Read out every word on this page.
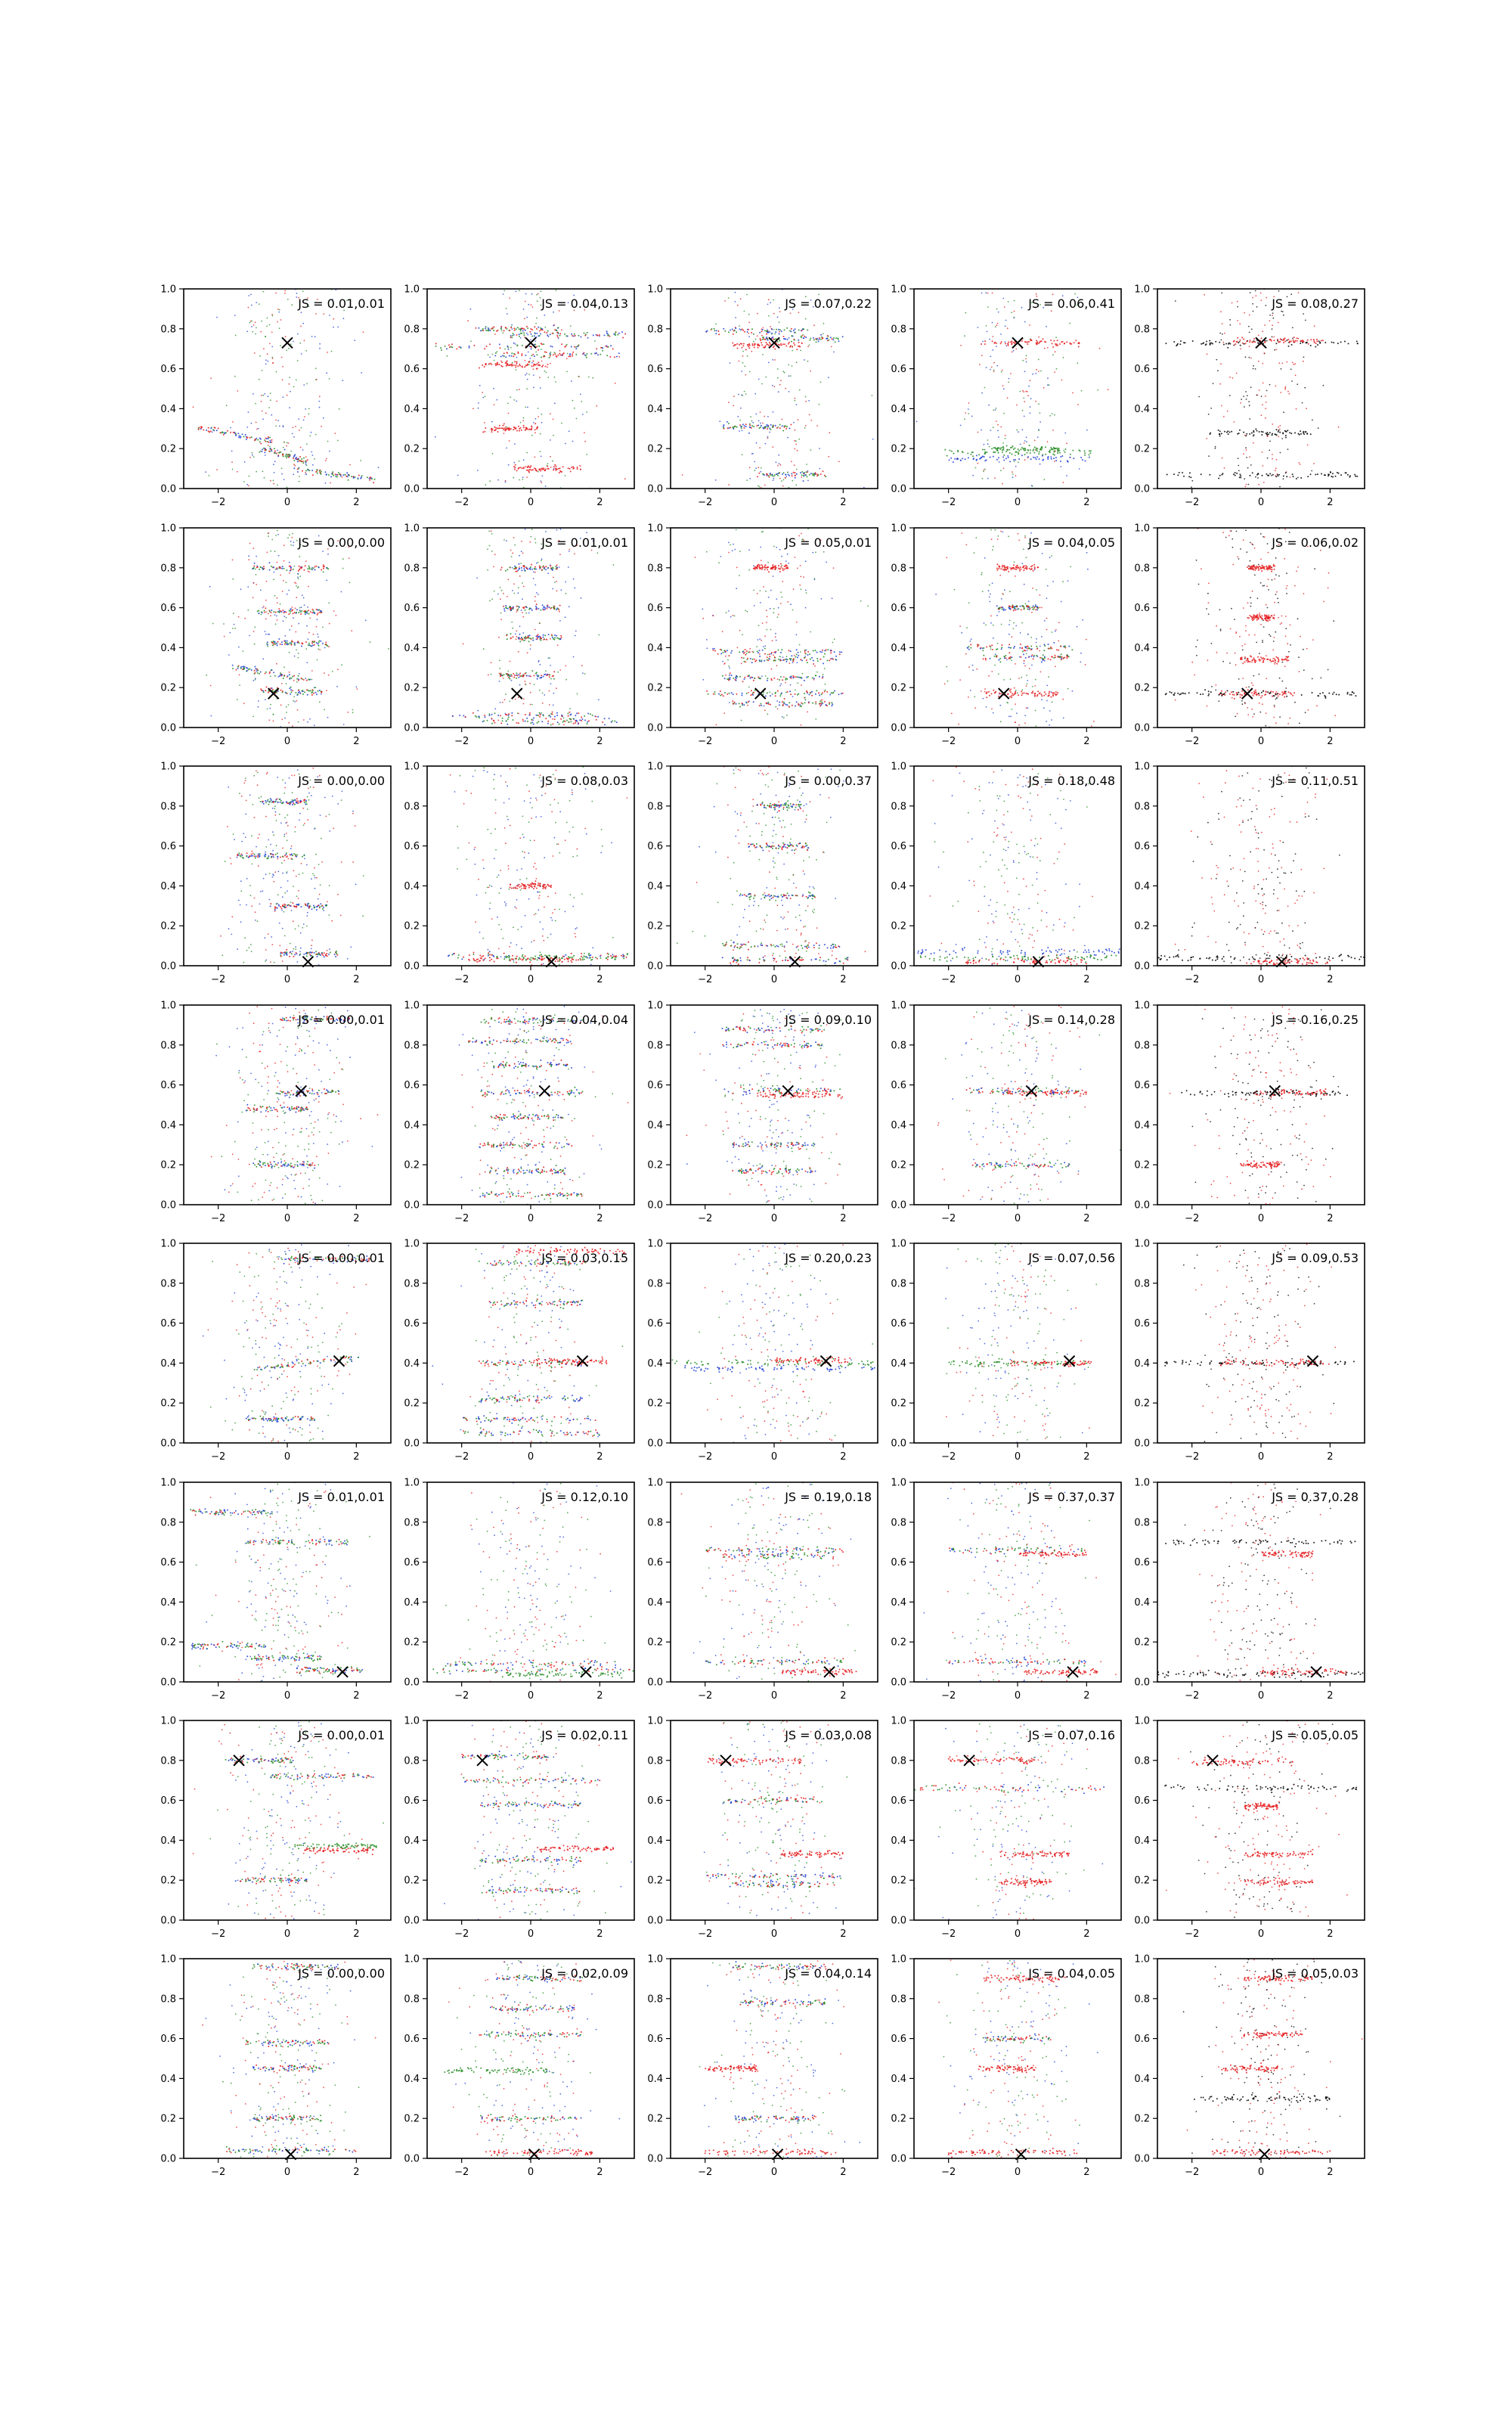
−2	0	2
0.0
0.2
0.4
0.6
0.8
1.0
JS = 0.01,0.01
−2	0	2
0.0
0.2
0.4
0.6
0.8
1.0
JS = 0.04,0.13
−2	0	2
0.0
0.2
0.4
0.6
0.8
1.0
JS = 0.07,0.22
−2	0	2
0.0
0.2
0.4
0.6
0.8
1.0
JS = 0.06,0.41
−2	0	2
0.0
0.2
0.4
0.6
0.8
1.0
JS = 0.08,0.27
−2	0	2
0.0
0.2
0.4
0.6
0.8
1.0
JS = 0.00,0.00
−2	0	2
0.0
0.2
0.4
0.6
0.8
1.0
JS = 0.01,0.01
−2	0	2
0.0
0.2
0.4
0.6
0.8
1.0
JS = 0.05,0.01
−2	0	2
0.0
0.2
0.4
0.6
0.8
1.0
JS = 0.04,0.05
−2	0	2
0.0
0.2
0.4
0.6
0.8
1.0
JS = 0.06,0.02
−2	0	2
0.0
0.2
0.4
0.6
0.8
1.0
JS = 0.00,0.00
−2	0	2
0.0
0.2
0.4
0.6
0.8
1.0
JS = 0.08,0.03
−2	0	2
0.0
0.2
0.4
0.6
0.8
1.0
JS = 0.00,0.37
−2	0	2
0.0
0.2
0.4
0.6
0.8
1.0
JS = 0.18,0.48
−2	0	2
0.0
0.2
0.4
0.6
0.8
1.0
JS = 0.11,0.51
−2	0	2
0.0
0.2
0.4
0.6
0.8
1.0
JS = 0.00,0.01
−2	0	2
0.0
0.2
0.4
0.6
0.8
1.0
JS = 0.04,0.04
−2	0	2
0.0
0.2
0.4
0.6
0.8
1.0
JS = 0.09,0.10
−2	0	2
0.0
0.2
0.4
0.6
0.8
1.0
JS = 0.14,0.28
−2	0	2
0.0
0.2
0.4
0.6
0.8
1.0
JS = 0.16,0.25
−2	0	2
0.0
0.2
0.4
0.6
0.8
1.0
JS = 0.00,0.01
−2	0	2
0.0
0.2
0.4
0.6
0.8
1.0
JS = 0.03,0.15
−2	0	2
0.0
0.2
0.4
0.6
0.8
1.0
JS = 0.20,0.23
−2	0	2
0.0
0.2
0.4
0.6
0.8
1.0
JS = 0.07,0.56
−2	0	2
0.0
0.2
0.4
0.6
0.8
1.0
JS = 0.09,0.53
−2	0	2
0.0
0.2
0.4
0.6
0.8
1.0
JS = 0.01,0.01
−2	0	2
0.0
0.2
0.4
0.6
0.8
1.0
JS = 0.12,0.10
−2	0	2
0.0
0.2
0.4
0.6
0.8
1.0
JS = 0.19,0.18
−2	0	2
0.0
0.2
0.4
0.6
0.8
1.0
JS = 0.37,0.37
−2	0	2
0.0
0.2
0.4
0.6
0.8
1.0
JS = 0.37,0.28
−2	0	2
0.0
0.2
0.4
0.6
0.8
1.0
JS = 0.00,0.01
−2	0	2
0.0
0.2
0.4
0.6
0.8
1.0
JS = 0.02,0.11
−2	0	2
0.0
0.2
0.4
0.6
0.8
1.0
JS = 0.03,0.08
−2	0	2
0.0
0.2
0.4
0.6
0.8
1.0
JS = 0.07,0.16
−2	0	2
0.0
0.2
0.4
0.6
0.8
1.0
JS = 0.05,0.05
−2	0	2
0.0
0.2
0.4
0.6
0.8
1.0
JS = 0.00,0.00
−2	0	2
0.0
0.2
0.4
0.6
0.8
1.0
JS = 0.02,0.09
−2	0	2
0.0
0.2
0.4
0.6
0.8
1.0
JS = 0.04,0.14
−2	0	2
0.0
0.2
0.4
0.6
0.8
1.0
JS = 0.04,0.05
−2	0	2
0.0
0.2
0.4
0.6
0.8
1.0
JS = 0.05,0.03
